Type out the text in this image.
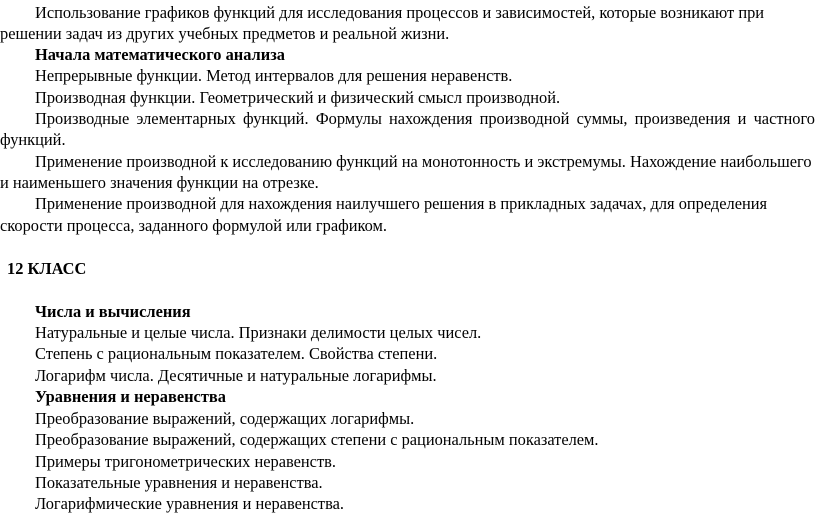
Использование графиков функций для исследования процессов и зависимостей, которые возникают при
решении задач из других учебных предметов и реальной жизни.
Начала математического анализа
Непрерывные функции. Метод интервалов для решения неравенств.
Производная функции. Геометрический и физический смысл производной.
Производные элементарных функций. Формулы нахождения производной суммы, произведения и частного
функций.
Применение производной к исследованию функций на монотонность и экстремумы. Нахождение наибольшего
и наименьшего значения функции на отрезке.
Применение производной для нахождения наилучшего решения в прикладных задачах, для определения
скорости процесса, заданного формулой или графиком.
12 КЛАСС
Числа и вычисления
Натуральные и целые числа. Признаки делимости целых чисел.
Степень с рациональным показателем. Свойства степени.
Логарифм числа. Десятичные и натуральные логарифмы.
Уравнения и неравенства
Преобразование выражений, содержащих логарифмы.
Преобразование выражений, содержащих степени с рациональным показателем.
Примеры тригонометрических неравенств.
Показательные уравнения и неравенства.
Логарифмические уравнения и неравенства.
